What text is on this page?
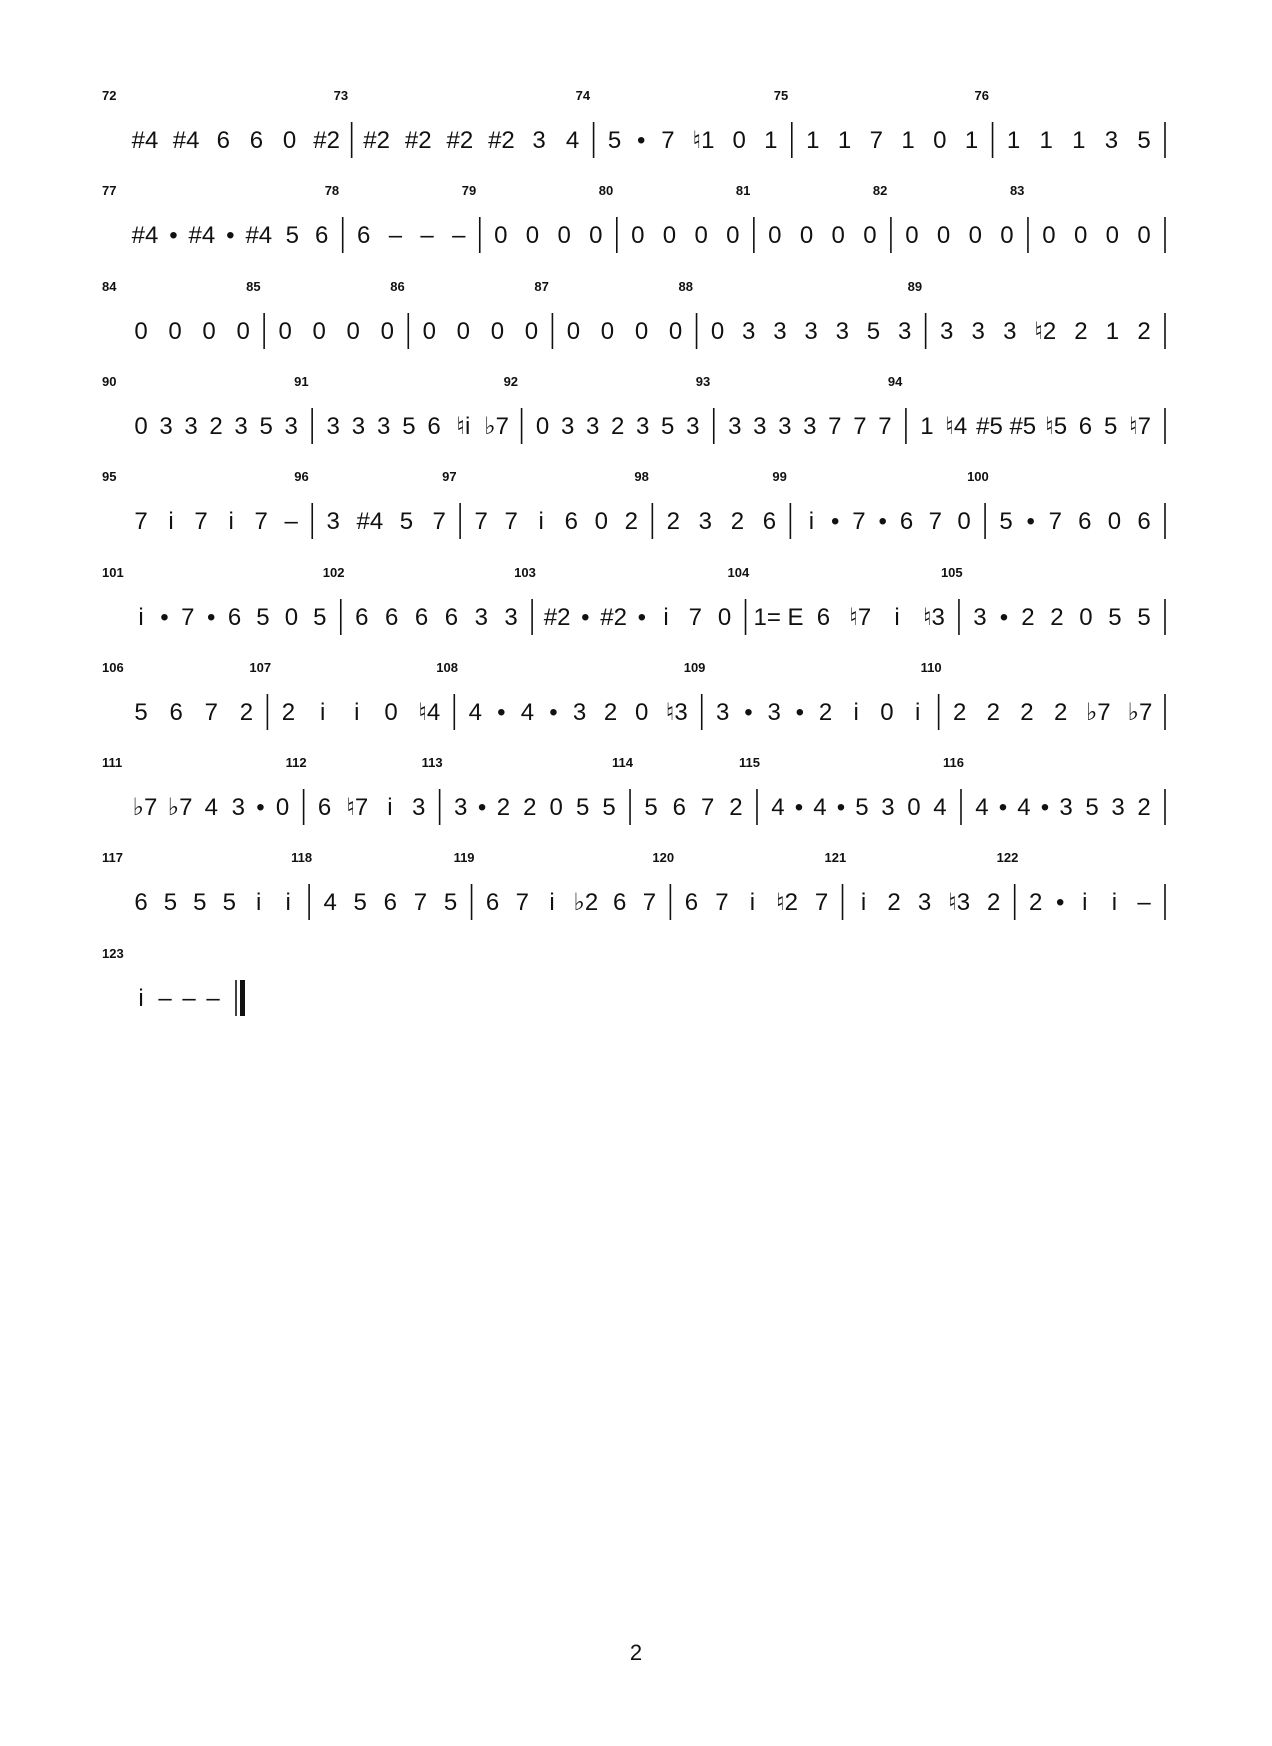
#4 #4 6 6 0 #2 #2 #2 #2 #2 3 4 5 • 7 ♮1 0 1 1 1 7 1 0 1 1 1 1 3 5
72	73	74	75	76
#4 • #4 • #4 5 6 6 – – – 0 0 0 0 0 0 0 0 0 0 0 0 0 0 0 0 0 0 0 0
77	78	79	80	81	82	83
0 0 0 0 0 0 0 0 0 0 0 0 0 0 0 0 0 3 3 3 3 5 3 3 3 3 ♮2 2 1 2
84	85	86	87	88	89
0 3 3 2 3 5 3 3 3 3 5 6 ♮i ♭7 0 3 3 2 3 5 3 3 3 3 3 7 7 7 1 ♮4 #5 #5 ♮5 6 5 ♮7
90	91	92	93	94
7 i 7 i 7 – 3 #4 5 7 7 7 i 6 0 2 2 3 2 6 i • 7 • 6 7 0 5 • 7 6 0 6
95	96	97	98	99	100
i • 7 • 6 5 0 5 6 6 6 6 3 3 #2 • #2 • i 7 0 1= E 6 ♮7 i ♮3 3 • 2 2 0 5 5
101	102	103	104	105
5 6 7 2 2 i i 0 ♮4 4 • 4 • 3 2 0 ♮3 3 • 3 • 2 i 0 i 2 2 2 2 ♭7 ♭7
106	107	108	109	110
♭7 ♭7 4 3 • 0 6 ♮7 i 3 3 • 2 2 0 5 5 5 6 7 2 4 • 4 • 5 3 0 4 4 • 4 • 3 5 3 2
111	112	113	114	115	116
6 5 5 5 i i 4 5 6 7 5 6 7 i ♭2 6 7 6 7 i ♮2 7 i 2 3 ♮3 2 2 • i i –
117	118	119	120	121	122
i – – –
123
2
